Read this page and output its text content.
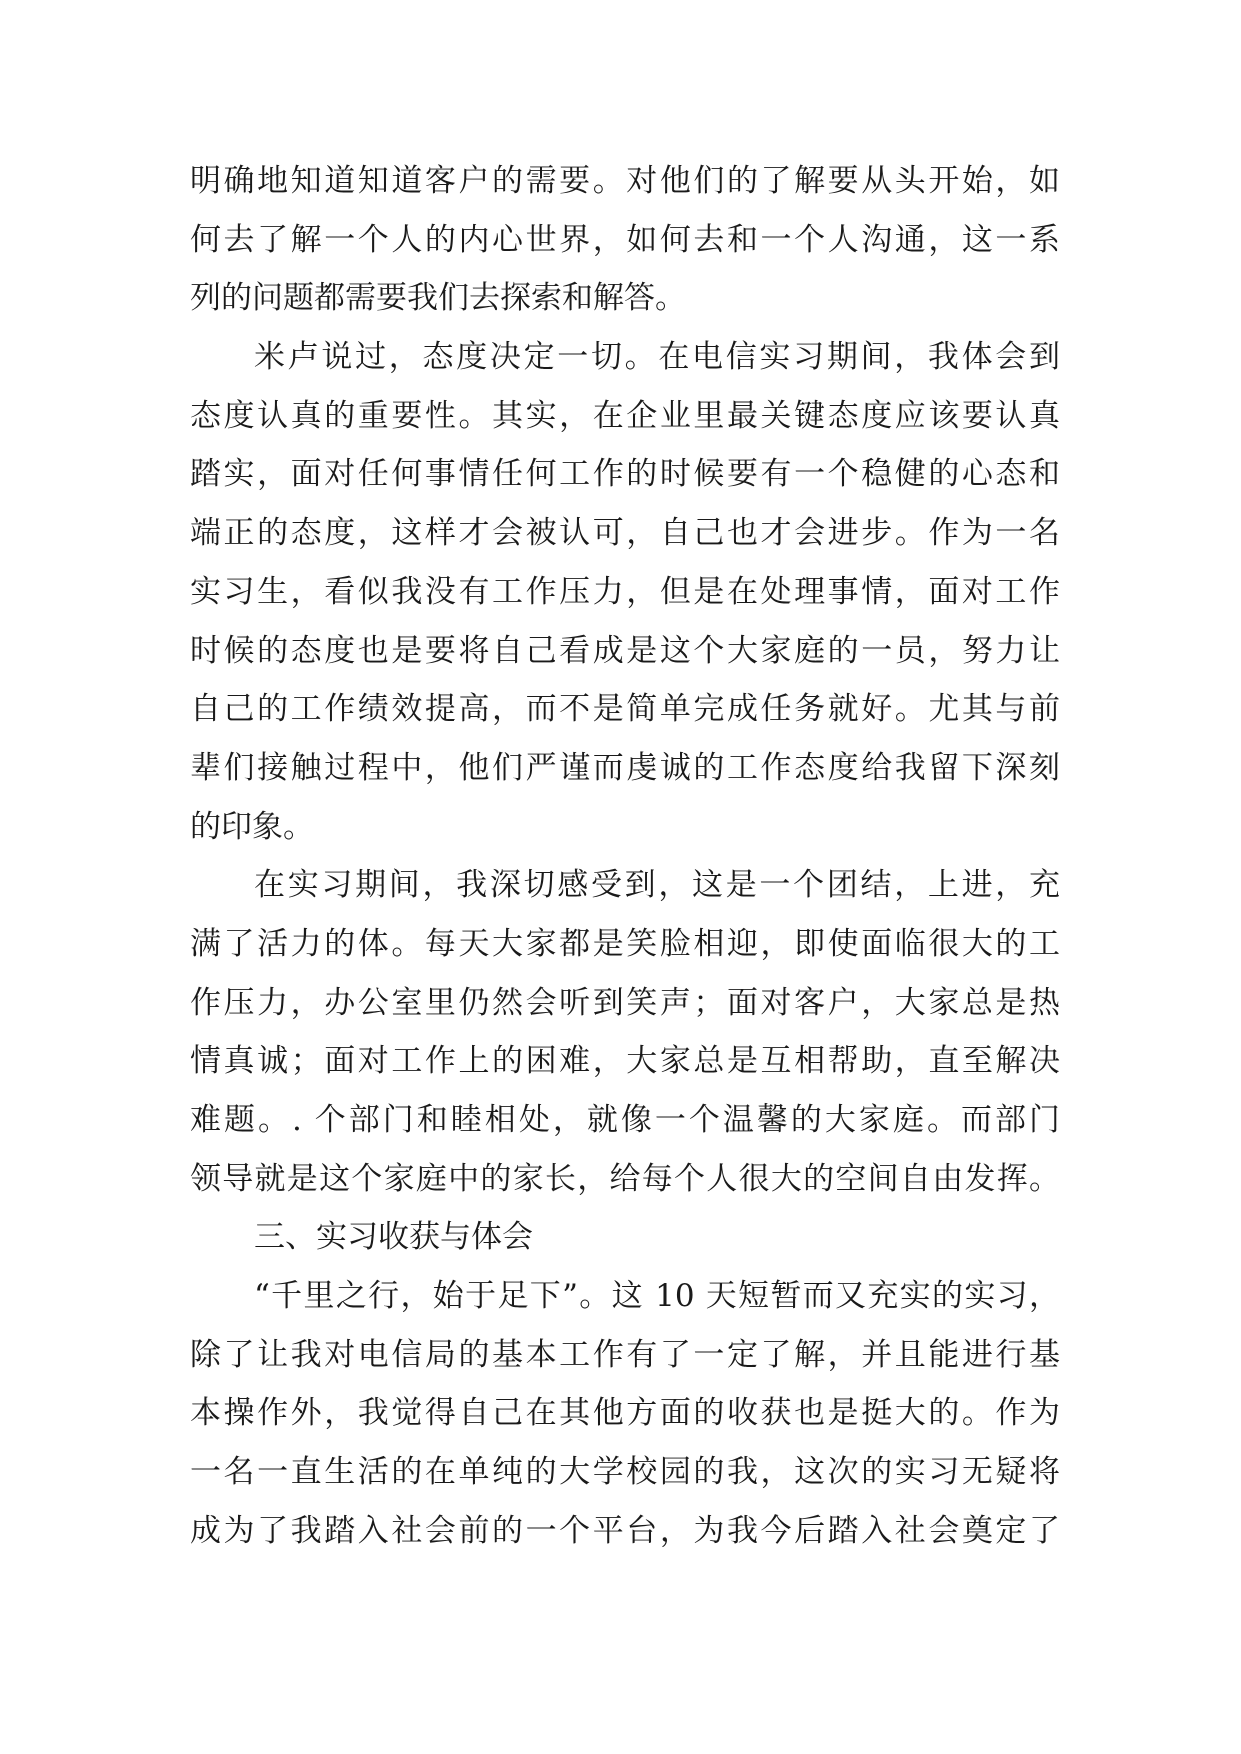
明确地知道知道客户的需要。对他们的了解要从头开始，如
何去了解一个人的内心世界，如何去和一个人沟通，这一系
列的问题都需要我们去探索和解答。
米卢说过，态度决定一切。在电信实习期间，我体会到
态度认真的重要性。其实，在企业里最关键态度应该要认真
踏实，面对任何事情任何工作的时候要有一个稳健的心态和
端正的态度，这样才会被认可，自己也才会进步。作为一名
实习生，看似我没有工作压力，但是在处理事情，面对工作
时候的态度也是要将自己看成是这个大家庭的一员，努力让
自己的工作绩效提高，而不是简单完成任务就好。尤其与前
辈们接触过程中，他们严谨而虔诚的工作态度给我留下深刻
的印象。
在实习期间，我深切感受到，这是一个团结，上进，充
满了活力的体。每天大家都是笑脸相迎，即使面临很大的工
作压力，办公室里仍然会听到笑声；面对客户，大家总是热
情真诚；面对工作上的困难，大家总是互相帮助，直至解决
难题。. 个部门和睦相处，就像一个温馨的大家庭。而部门
领导就是这个家庭中的家长，给每个人很大的空间自由发挥。
三、实习收获与体会
“千里之行，始于足下”。这 10 天短暂而又充实的实习，
除了让我对电信局的基本工作有了一定了解，并且能进行基
本操作外，我觉得自己在其他方面的收获也是挺大的。作为
一名一直生活的在单纯的大学校园的我，这次的实习无疑将
成为了我踏入社会前的一个平台，为我今后踏入社会奠定了
